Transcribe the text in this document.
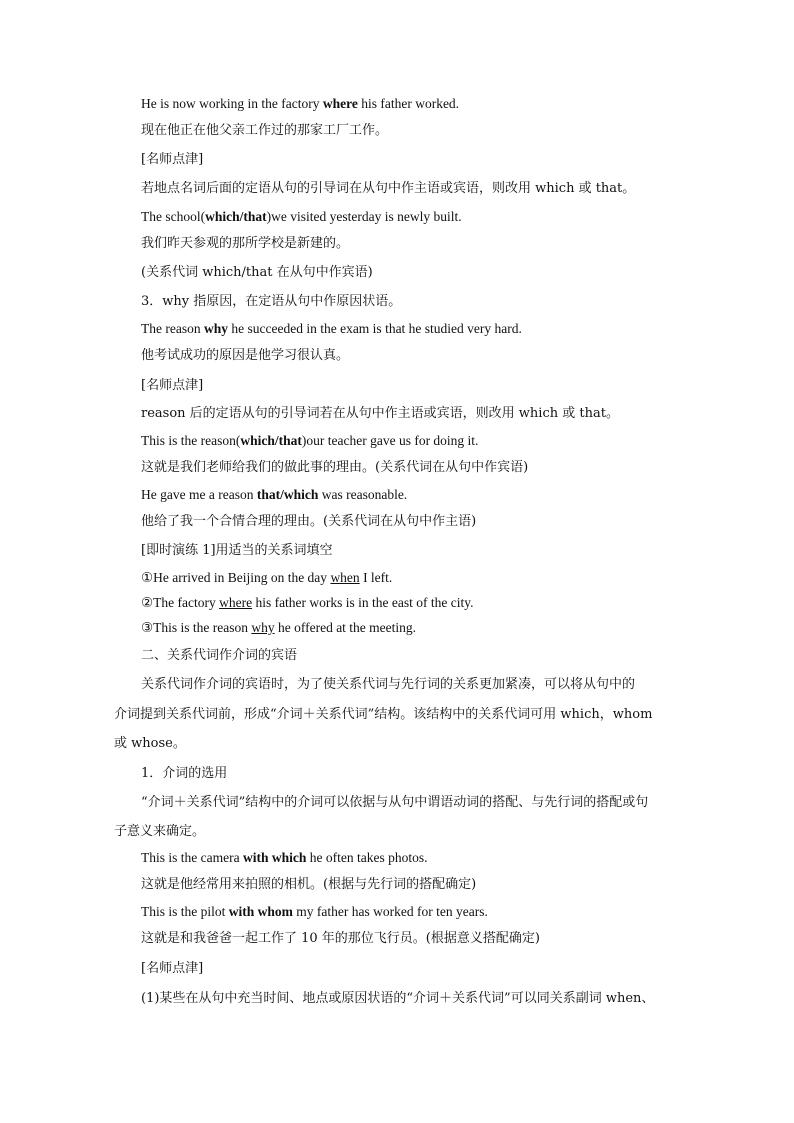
He is now working in the factory where his father worked.
现在他正在他父亲工作过的那家工厂工作。
[名师点津]
若地点名词后面的定语从句的引导词在从句中作主语或宾语，则改用 which 或 that。
The school(which/that)we visited yesterday is newly built.
我们昨天参观的那所学校是新建的。
(关系代词 which/that 在从句中作宾语)
3．why 指原因，在定语从句中作原因状语。
The reason why he succeeded in the exam is that he studied very hard.
他考试成功的原因是他学习很认真。
[名师点津]
reason 后的定语从句的引导词若在从句中作主语或宾语，则改用 which 或 that。
This is the reason(which/that)our teacher gave us for doing it.
这就是我们老师给我们的做此事的理由。(关系代词在从句中作宾语)
He gave me a reason that/which was reasonable.
他给了我一个合情合理的理由。(关系代词在从句中作主语)
[即时演练 1]用适当的关系词填空
①He arrived in Beijing on the day when I left.
②The factory where his father works is in the east of the city.
③This is the reason why he offered at the meeting.
二、关系代词作介词的宾语
关系代词作介词的宾语时，为了使关系代词与先行词的关系更加紧凑，可以将从句中的
介词提到关系代词前，形成“介词＋关系代词”结构。该结构中的关系代词可用 which，whom
或 whose。
1．介词的选用
“介词＋关系代词”结构中的介词可以依据与从句中谓语动词的搭配、与先行词的搭配或句
子意义来确定。
This is the camera with which he often takes photos.
这就是他经常用来拍照的相机。(根据与先行词的搭配确定)
This is the pilot with whom my father has worked for ten years.
这就是和我爸爸一起工作了 10 年的那位飞行员。(根据意义搭配确定)
[名师点津]
(1)某些在从句中充当时间、地点或原因状语的“介词＋关系代词”可以同关系副词 when、
